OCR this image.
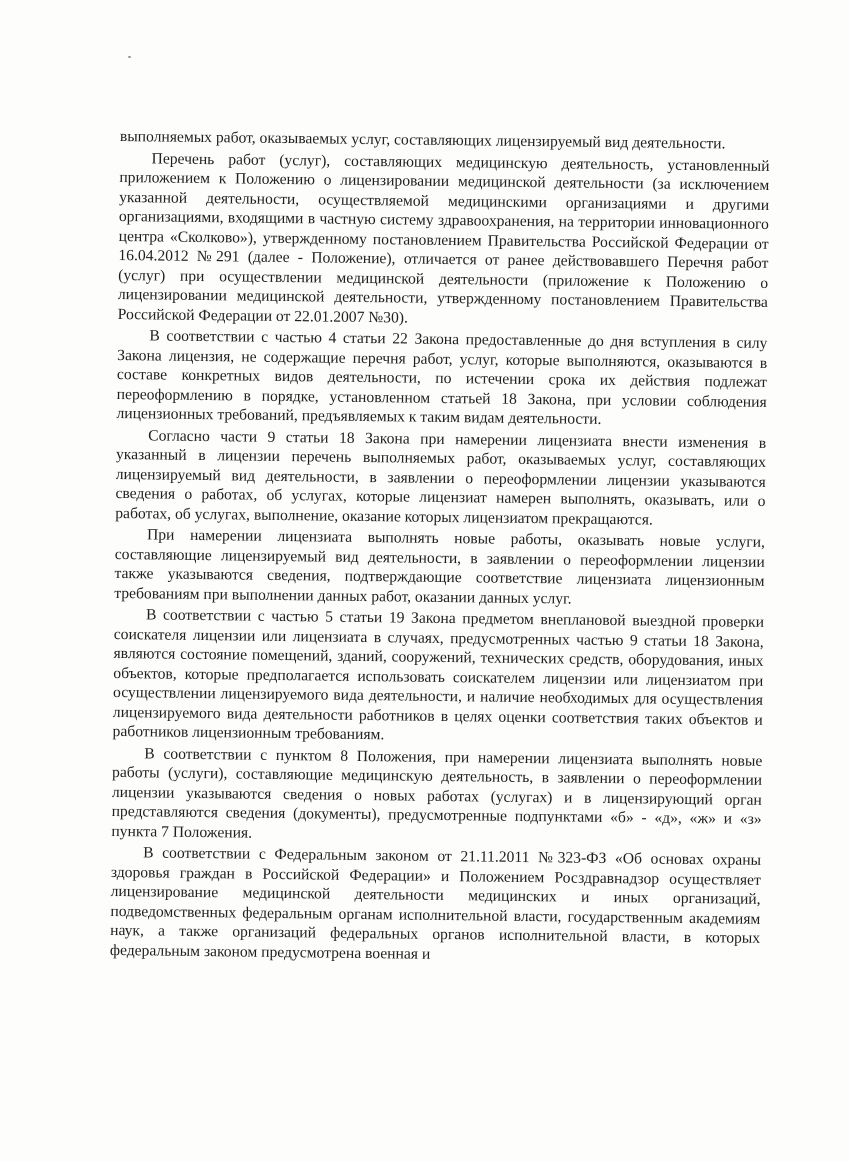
выполняемых работ, оказываемых услуг, составляющих лицензируемый вид деятельности.

Перечень работ (услуг), составляющих медицинскую деятельность, установленный приложением к Положению о лицензировании медицинской деятельности (за исключением указанной деятельности, осуществляемой медицинскими организациями и другими организациями, входящими в частную систему здравоохранения, на территории инновационного центра «Сколково»), утвержденному постановлением Правительства Российской Федерации от 16.04.2012 №291 (далее - Положение), отличается от ранее действовавшего Перечня работ (услуг) при осуществлении медицинской деятельности (приложение к Положению о лицензировании медицинской деятельности, утвержденному постановлением Правительства Российской Федерации от 22.01.2007 №30).

В соответствии с частью 4 статьи 22 Закона предоставленные до дня вступления в силу Закона лицензия, не содержащие перечня работ, услуг, которые выполняются, оказываются в составе конкретных видов деятельности, по истечении срока их действия подлежат переоформлению в порядке, установленном статьей 18 Закона, при условии соблюдения лицензионных требований, предъявляемых к таким видам деятельности.

Согласно части 9 статьи 18 Закона при намерении лицензиата внести изменения в указанный в лицензии перечень выполняемых работ, оказываемых услуг, составляющих лицензируемый вид деятельности, в заявлении о переоформлении лицензии указываются сведения о работах, об услугах, которые лицензиат намерен выполнять, оказывать, или о работах, об услугах, выполнение, оказание которых лицензиатом прекращаются.

При намерении лицензиата выполнять новые работы, оказывать новые услуги, составляющие лицензируемый вид деятельности, в заявлении о переоформлении лицензии также указываются сведения, подтверждающие соответствие лицензиата лицензионным требованиям при выполнении данных работ, оказании данных услуг.

В соответствии с частью 5 статьи 19 Закона предметом внеплановой выездной проверки соискателя лицензии или лицензиата в случаях, предусмотренных частью 9 статьи 18 Закона, являются состояние помещений, зданий, сооружений, технических средств, оборудования, иных объектов, которые предполагается использовать соискателем лицензии или лицензиатом при осуществлении лицензируемого вида деятельности, и наличие необходимых для осуществления лицензируемого вида деятельности работников в целях оценки соответствия таких объектов и работников лицензионным требованиям.

В соответствии с пунктом 8 Положения, при намерении лицензиата выполнять новые работы (услуги), составляющие медицинскую деятельность, в заявлении о переоформлении лицензии указываются сведения о новых работах (услугах) и в лицензирующий орган представляются сведения (документы), предусмотренные подпунктами «б» - «д», «ж» и «з» пункта 7 Положения.

В соответствии с Федеральным законом от 21.11.2011 №323-ФЗ «Об основах охраны здоровья граждан в Российской Федерации» и Положением Росздравнадзор осуществляет лицензирование медицинской деятельности медицинских и иных организаций, подведомственных федеральным органам исполнительной власти, государственным академиям наук, а также организаций федеральных органов исполнительной власти, в которых федеральным законом предусмотрена военная и
